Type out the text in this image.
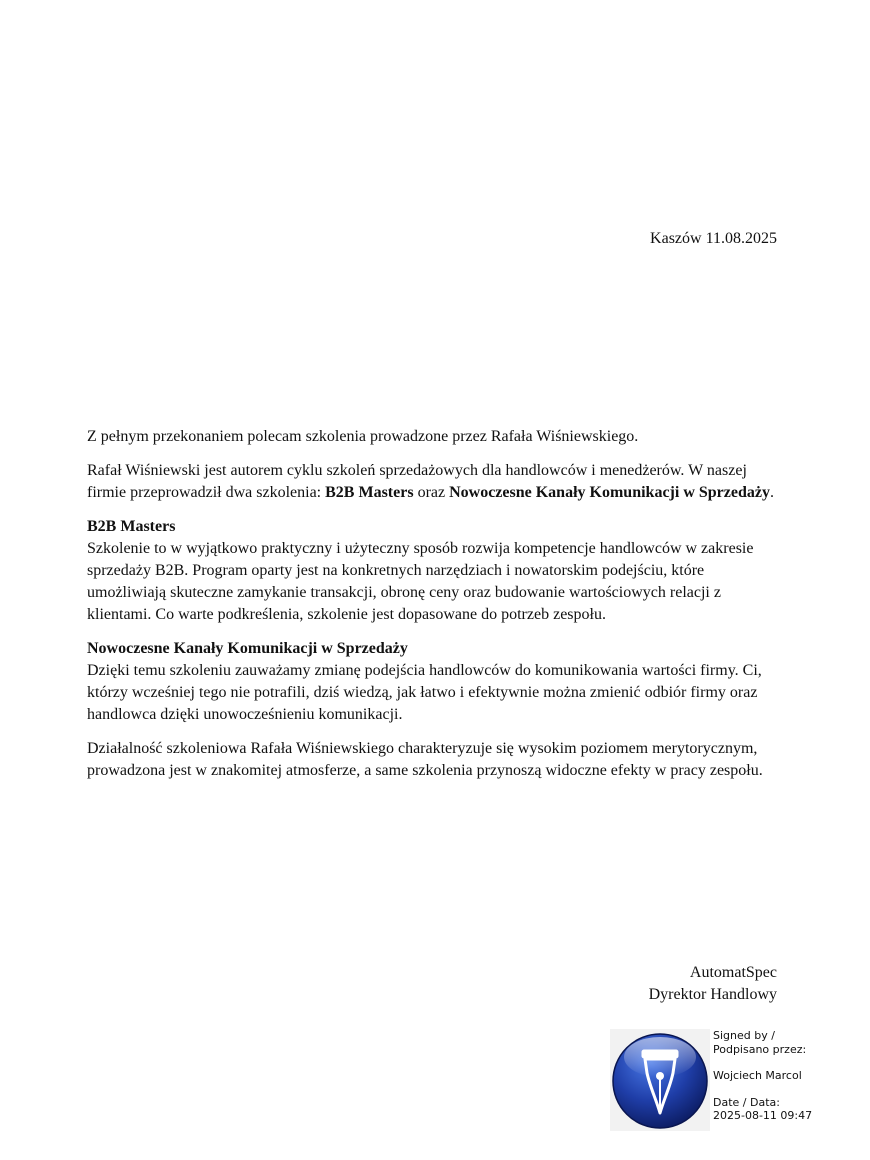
Kaszów 11.08.2025

Z pełnym przekonaniem polecam szkolenia prowadzone przez Rafała Wiśniewskiego.

Rafał Wiśniewski jest autorem cyklu szkoleń sprzedażowych dla handlowców i menedżerów. W naszej firmie przeprowadził dwa szkolenia: B2B Masters oraz Nowoczesne Kanały Komunikacji w Sprzedaży.

B2B Masters
Szkolenie to w wyjątkowo praktyczny i użyteczny sposób rozwija kompetencje handlowców w zakresie sprzedaży B2B. Program oparty jest na konkretnych narzędziach i nowatorskim podejściu, które umożliwiają skuteczne zamykanie transakcji, obronę ceny oraz budowanie wartościowych relacji z klientami. Co warte podkreślenia, szkolenie jest dopasowane do potrzeb zespołu.

Nowoczesne Kanały Komunikacji w Sprzedaży
Dzięki temu szkoleniu zauważamy zmianę podejścia handlowców do komunikowania wartości firmy. Ci, którzy wcześniej tego nie potrafili, dziś wiedzą, jak łatwo i efektywnie można zmienić odbiór firmy oraz handlowca dzięki unowocześnieniu komunikacji.

Działalność szkoleniowa Rafała Wiśniewskiego charakteryzuje się wysokim poziomem merytorycznym, prowadzona jest w znakomitej atmosferze, a same szkolenia przynoszą widoczne efekty w pracy zespołu.

AutomatSpec
Dyrektor Handlowy
Signed by /
Podpisano przez:
Wojciech Marcol
Date / Data:
2025-08-11 09:47
